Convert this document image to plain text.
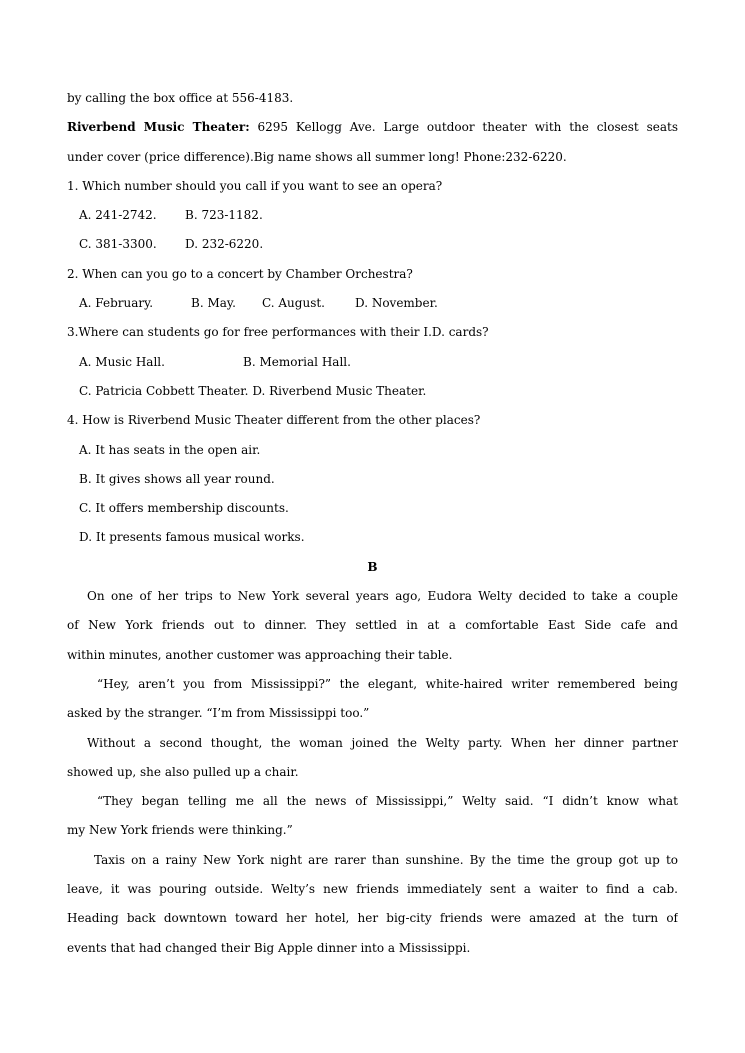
by calling the box office at 556-4183.
Riverbend Music Theater: 6295 Kellogg Ave. Large outdoor theater with the closest seats
under cover (price difference).Big name shows all summer long! Phone:232-6220.
1. Which number should you call if you want to see an opera?
A. 241-2742. B. 723-1182.
C. 381-3300. D. 232-6220.
2. When can you go to a concert by Chamber Orchestra?
A. February.	B. May. C. August.	D. November.
3.Where can students go for free performances with their I.D. cards?
A. Music Hall.	B. Memorial Hall.
C. Patricia Cobbett Theater. D. Riverbend Music Theater.
4. How is Riverbend Music Theater different from the other places?
A. It has seats in the open air.
B. It gives shows all year round.
C. It offers membership discounts.
D. It presents famous musical works.
B
On one of her trips to New York several years ago, Eudora Welty decided to take a couple
of New York friends out to dinner. They settled in at a comfortable East Side cafe and
within minutes, another customer was approaching their table.
“Hey, aren’t you from Mississippi?” the elegant, white-haired writer remembered being
asked by the stranger. “I’m from Mississippi too.”
Without a second thought, the woman joined the Welty party. When her dinner partner
showed up, she also pulled up a chair.
“They began telling me all the news of Mississippi,” Welty said. “I didn’t know what
my New York friends were thinking.”
Taxis on a rainy New York night are rarer than sunshine. By the time the group got up to
leave, it was pouring outside. Welty’s new friends immediately sent a waiter to find a cab.
Heading back downtown toward her hotel, her big-city friends were amazed at the turn of
events that had changed their Big Apple dinner into a Mississippi.
